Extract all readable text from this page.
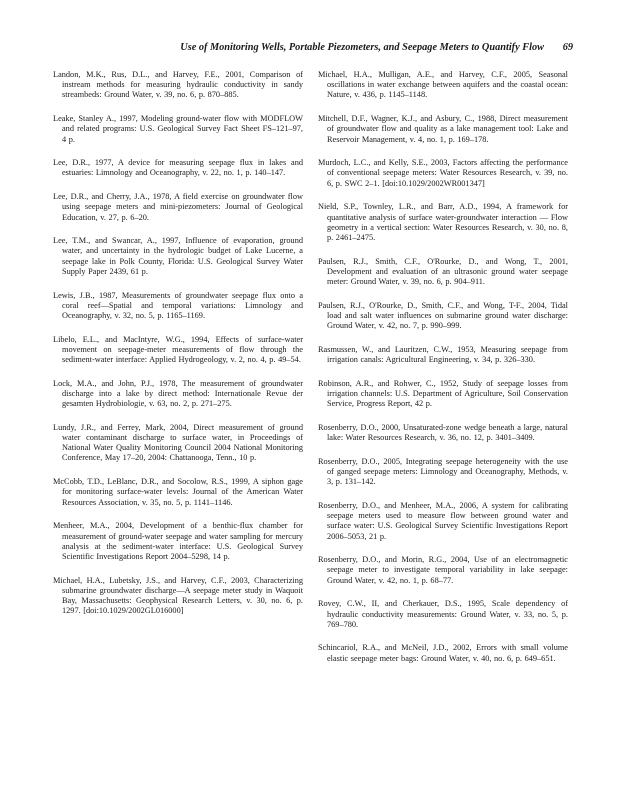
Use of Monitoring Wells, Portable Piezometers, and Seepage Meters to Quantify Flow 69

Landon, M.K., Rus, D.L., and Harvey, F.E., 2001, Comparison of instream methods for measuring hydraulic conductivity in sandy streambeds: Ground Water, v. 39, no. 6, p. 870–885.

Leake, Stanley A., 1997, Modeling ground-water flow with MODFLOW and related programs: U.S. Geological Survey Fact Sheet FS–121–97, 4 p.

Lee, D.R., 1977, A device for measuring seepage flux in lakes and estuaries: Limnology and Oceanography, v. 22, no. 1, p. 140–147.

Lee, D.R., and Cherry, J.A., 1978, A field exercise on groundwater flow using seepage meters and mini-piezometers: Journal of Geological Education, v. 27, p. 6–20.

Lee, T.M., and Swancar, A., 1997, Influence of evaporation, ground water, and uncertainty in the hydrologic budget of Lake Lucerne, a seepage lake in Polk County, Florida: U.S. Geological Survey Water Supply Paper 2439, 61 p.

Lewis, J.B., 1987, Measurements of groundwater seepage flux onto a coral reef—Spatial and temporal variations: Limnology and Oceanography, v. 32, no. 5, p. 1165–1169.

Libelo, E.L., and MacIntyre, W.G., 1994, Effects of surface-water movement on seepage-meter measurements of flow through the sediment-water interface: Applied Hydrogeology, v. 2, no. 4, p. 49–54.

Lock, M.A., and John, P.J., 1978, The measurement of groundwater discharge into a lake by direct method: Internationale Revue der gesamten Hydrobiologie, v. 63, no. 2, p. 271–275.

Lundy, J.R., and Ferrey, Mark, 2004, Direct measurement of ground water contaminant discharge to surface water, in Proceedings of National Water Quality Monitoring Council 2004 National Monitoring Conference, May 17–20, 2004: Chattanooga, Tenn., 10 p.

McCobb, T.D., LeBlanc, D.R., and Socolow, R.S., 1999, A siphon gage for monitoring surface-water levels: Journal of the American Water Resources Association, v. 35, no. 5, p. 1141–1146.

Menheer, M.A., 2004, Development of a benthic-flux chamber for measurement of ground-water seepage and water sampling for mercury analysis at the sediment-water interface: U.S. Geological Survey Scientific Investigations Report 2004–5298, 14 p.

Michael, H.A., Lubetsky, J.S., and Harvey, C.F., 2003, Characterizing submarine groundwater discharge—A seepage meter study in Waquoit Bay, Massachusetts: Geophysical Research Letters, v. 30, no. 6, p. 1297. [doi:10.1029/2002GL016000]

Michael, H.A., Mulligan, A.E., and Harvey, C.F., 2005, Seasonal oscillations in water exchange between aquifers and the coastal ocean: Nature, v. 436, p. 1145–1148.

Mitchell, D.F., Wagner, K.J., and Asbury, C., 1988, Direct measurement of groundwater flow and quality as a lake management tool: Lake and Reservoir Management, v. 4, no. 1, p. 169–178.

Murdoch, L.C., and Kelly, S.E., 2003, Factors affecting the performance of conventional seepage meters: Water Resources Research, v. 39, no. 6, p. SWC 2–1. [doi:10.1029/2002WR001347]

Nield, S.P., Townley, L.R., and Barr, A.D., 1994, A framework for quantitative analysis of surface water-groundwater interaction — Flow geometry in a vertical section: Water Resources Research, v. 30, no. 8, p. 2461–2475.

Paulsen, R.J., Smith, C.F., O'Rourke, D., and Wong, T., 2001, Development and evaluation of an ultrasonic ground water seepage meter: Ground Water, v. 39, no. 6, p. 904–911.

Paulsen, R.J., O'Rourke, D., Smith, C.F., and Wong, T-F., 2004, Tidal load and salt water influences on submarine ground water discharge: Ground Water, v. 42, no. 7, p. 990–999.

Rasmussen, W., and Lauritzen, C.W., 1953, Measuring seepage from irrigation canals: Agricultural Engineering, v. 34, p. 326–330.

Robinson, A.R., and Rohwer, C., 1952, Study of seepage losses from irrigation channels: U.S. Department of Agriculture, Soil Conservation Service, Progress Report, 42 p.

Rosenberry, D.O., 2000, Unsaturated-zone wedge beneath a large, natural lake: Water Resources Research, v. 36, no. 12, p. 3401–3409.

Rosenberry, D.O., 2005, Integrating seepage heterogeneity with the use of ganged seepage meters: Limnology and Oceanography, Methods, v. 3, p. 131–142.

Rosenberry, D.O., and Menheer, M.A., 2006, A system for calibrating seepage meters used to measure flow between ground water and surface water: U.S. Geological Survey Scientific Investigations Report 2006–5053, 21 p.

Rosenberry, D.O., and Morin, R.G., 2004, Use of an electromagnetic seepage meter to investigate temporal variability in lake seepage: Ground Water, v. 42, no. 1, p. 68–77.

Rovey, C.W., II, and Cherkauer, D.S., 1995, Scale dependency of hydraulic conductivity measurements: Ground Water, v. 33, no. 5, p. 769–780.

Schincariol, R.A., and McNeil, J.D., 2002, Errors with small volume elastic seepage meter bags: Ground Water, v. 40, no. 6, p. 649–651.
